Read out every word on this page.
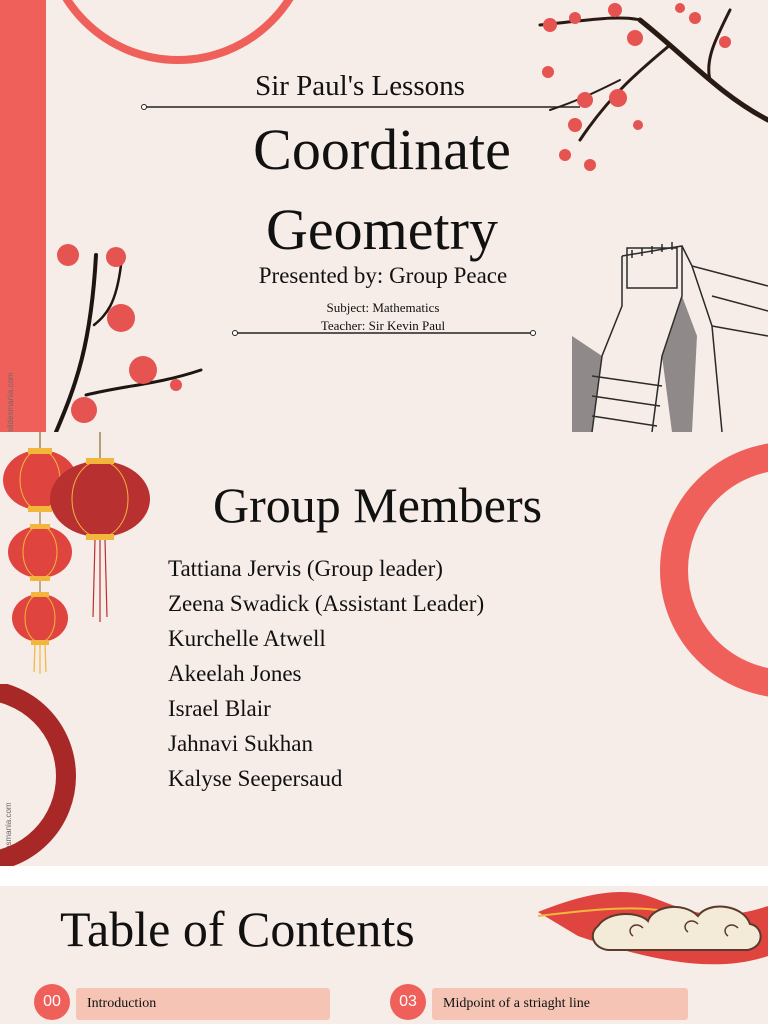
slidesmania.com
Sir Paul's Lessons
Coordinate
Geometry
Presented by: Group Peace
Subject: Mathematics
Teacher: Sir Kevin Paul
slidesmania.com
Group Members
Tattiana Jervis (Group leader)
Zeena Swadick (Assistant Leader)
Kurchelle Atwell
Akeelah Jones
Israel Blair
Jahnavi Sukhan
Kalyse Seepersaud
Table of Contents
00	Introduction	03	Midpoint of a striaght line
